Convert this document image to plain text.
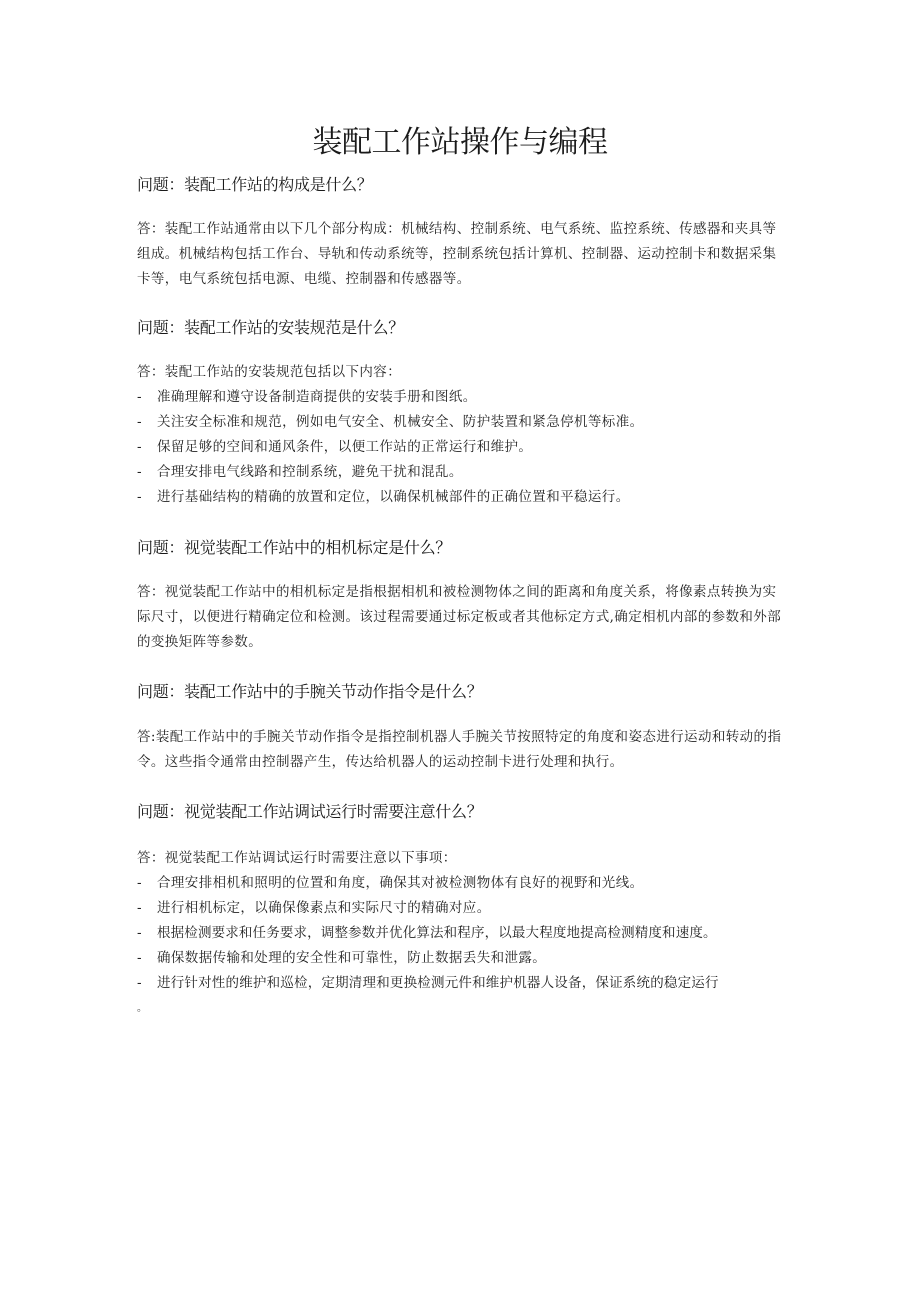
装配工作站操作与编程
问题：装配工作站的构成是什么？

答：装配工作站通常由以下几个部分构成：机械结构、控制系统、电气系统、监控系统、传感器和夹具等组成。机械结构包括工作台、导轨和传动系统等，控制系统包括计算机、控制器、运动控制卡和数据采集卡等，电气系统包括电源、电缆、控制器和传感器等。

问题：装配工作站的安装规范是什么？

答：装配工作站的安装规范包括以下内容：

- 准确理解和遵守设备制造商提供的安装手册和图纸。

- 关注安全标准和规范，例如电气安全、机械安全、防护装置和紧急停机等标准。

- 保留足够的空间和通风条件，以便工作站的正常运行和维护。

- 合理安排电气线路和控制系统，避免干扰和混乱。

- 进行基础结构的精确的放置和定位，以确保机械部件的正确位置和平稳运行。

问题：视觉装配工作站中的相机标定是什么？

答：视觉装配工作站中的相机标定是指根据相机和被检测物体之间的距离和角度关系，将像素点转换为实际尺寸，以便进行精确定位和检测。该过程需要通过标定板或者其他标定方式,确定相机内部的参数和外部的变换矩阵等参数。

问题：装配工作站中的手腕关节动作指令是什么？

答:装配工作站中的手腕关节动作指令是指控制机器人手腕关节按照特定的角度和姿态进行运动和转动的指令。这些指令通常由控制器产生，传达给机器人的运动控制卡进行处理和执行。

问题：视觉装配工作站调试运行时需要注意什么？

答：视觉装配工作站调试运行时需要注意以下事项：

- 合理安排相机和照明的位置和角度，确保其对被检测物体有良好的视野和光线。

- 进行相机标定，以确保像素点和实际尺寸的精确对应。

- 根据检测要求和任务要求，调整参数并优化算法和程序，以最大程度地提高检测精度和速度。

- 确保数据传输和处理的安全性和可靠性，防止数据丢失和泄露。

- 进行针对性的维护和巡检，定期清理和更换检测元件和维护机器人设备，保证系统的稳定运行

。
